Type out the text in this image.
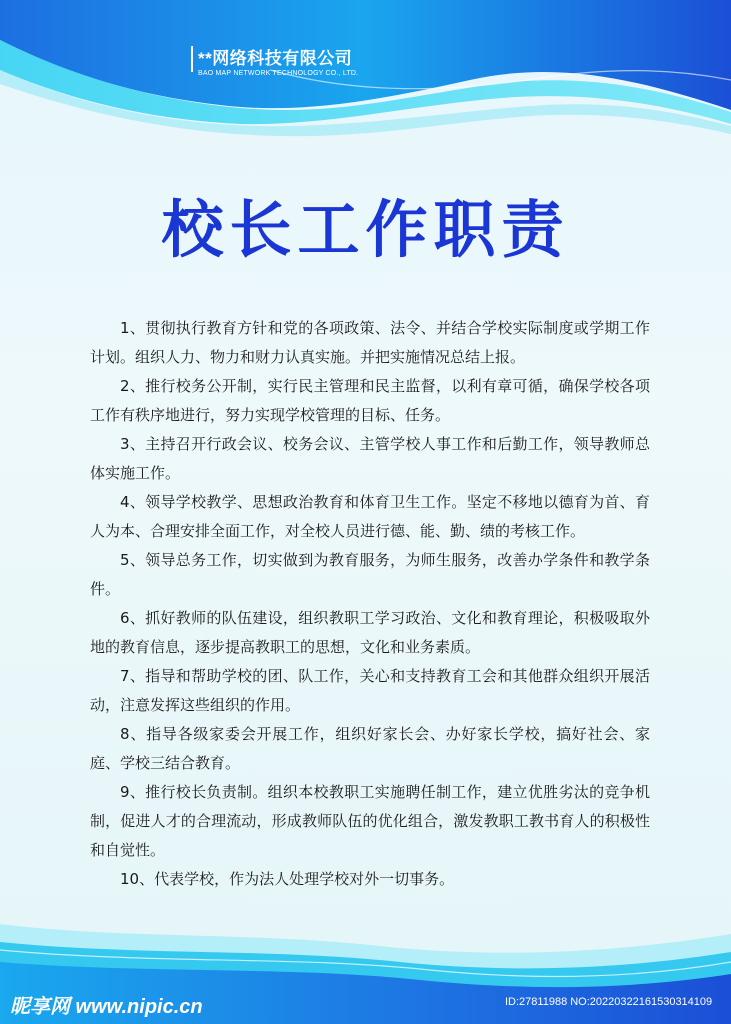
**网络科技有限公司
BAO MAP NETWORK TECHNOLOGY CO., LTD.
校长工作职责

1、贯彻执行教育方针和党的各项政策、法令、并结合学校实际制度或学期工作计划。组织人力、物力和财力认真实施。并把实施情况总结上报。

2、推行校务公开制，实行民主管理和民主监督，以利有章可循，确保学校各项工作有秩序地进行，努力实现学校管理的目标、任务。

3、主持召开行政会议、校务会议、主管学校人事工作和后勤工作，领导教师总体实施工作。

4、领导学校教学、思想政治教育和体育卫生工作。坚定不移地以德育为首、育人为本、合理安排全面工作，对全校人员进行德、能、勤、绩的考核工作。

5、领导总务工作，切实做到为教育服务，为师生服务，改善办学条件和教学条件。

6、抓好教师的队伍建设，组织教职工学习政治、文化和教育理论，积极吸取外地的教育信息，逐步提高教职工的思想，文化和业务素质。

7、指导和帮助学校的团、队工作，关心和支持教育工会和其他群众组织开展活动，注意发挥这些组织的作用。

8、指导各级家委会开展工作，组织好家长会、办好家长学校，搞好社会、家庭、学校三结合教育。

9、推行校长负责制。组织本校教职工实施聘任制工作，建立优胜劣汰的竞争机制，促进人才的合理流动，形成教师队伍的优化组合，激发教职工教书育人的积极性和自觉性。

10、代表学校，作为法人处理学校对外一切事务。

昵享网 www.nipic.cn	ID:27811988 NO:20220322161530314109
